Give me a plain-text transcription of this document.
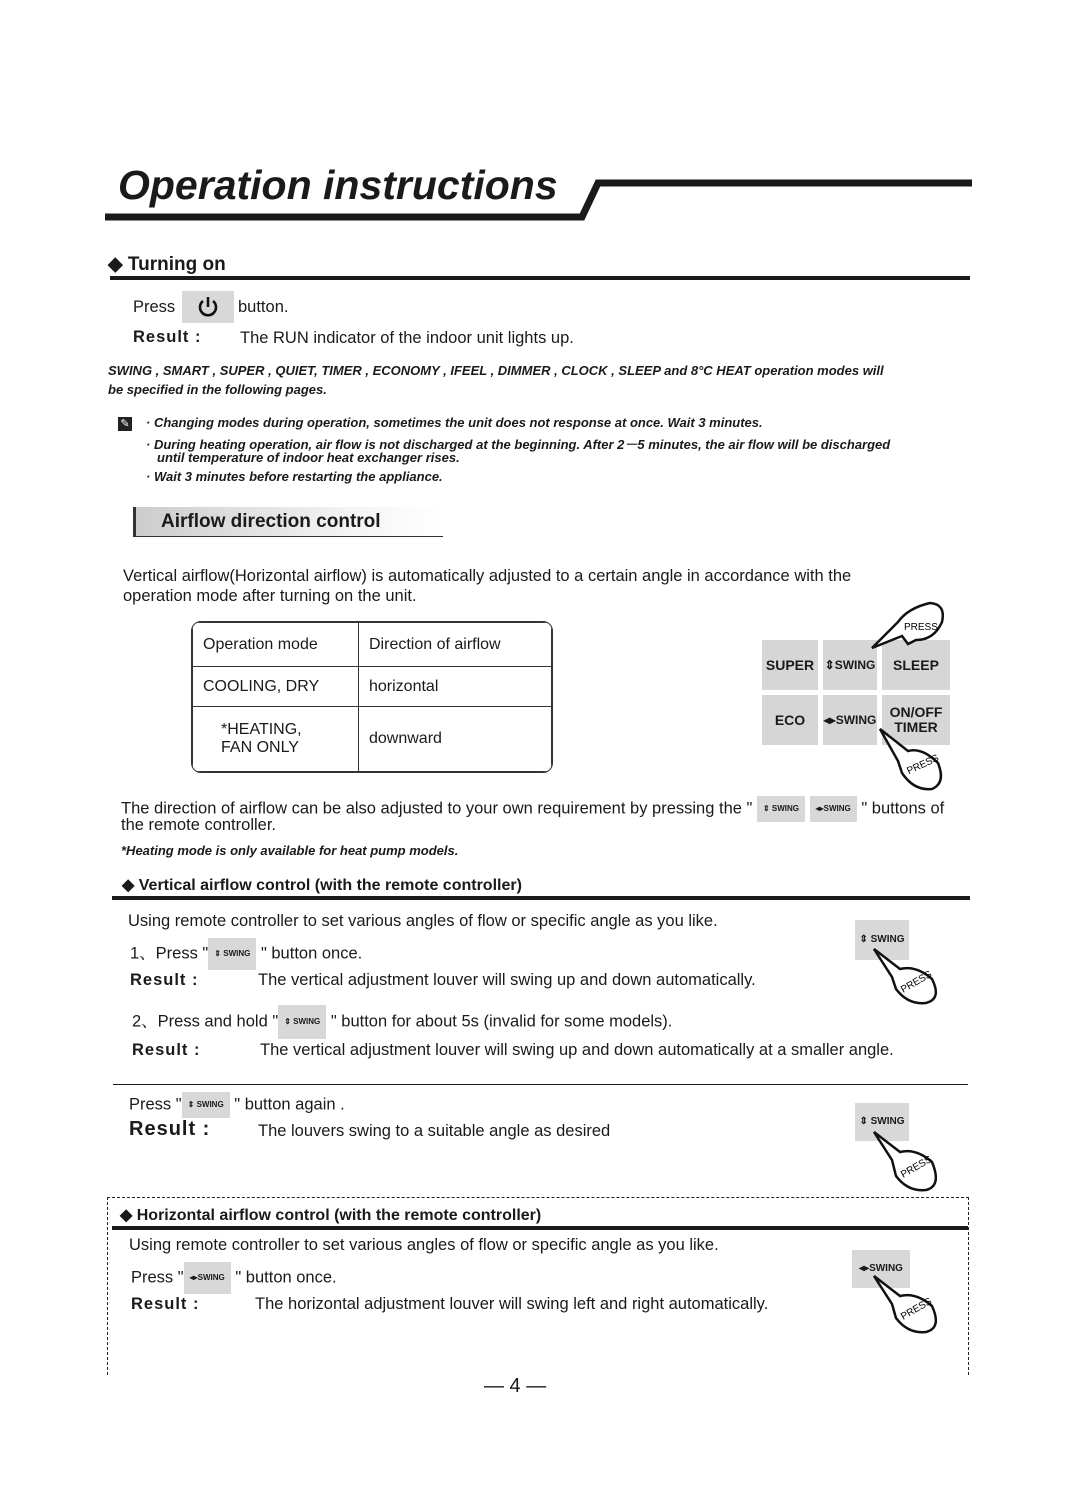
Operation instructions
◆ Turning on
Press	button.
Result : The RUN indicator of the indoor unit lights up.
SWING , SMART , SUPER , QUIET, TIMER , ECONOMY , IFEEL , DIMMER , CLOCK , SLEEP and 8°C HEAT operation modes will
be specified in the following pages.
✎ · Changing modes during operation, sometimes the unit does not response at once. Wait 3 minutes.
· During heating operation, air flow is not discharged at the beginning. After 2－5 minutes, the air flow will be discharged
until temperature of indoor heat exchanger rises.
· Wait 3 minutes before restarting the appliance.
Airflow direction control
Vertical airflow(Horizontal airflow) is automatically adjusted to a certain angle in accordance with the
operation mode after turning on the unit.
Operation mode	Direction of airflow
COOLING, DRY	horizontal
*HEATING,
FAN ONLY	downward
SUPER ⇕ SWING	SLEEP
ECO	◂▸ SWING ON/OFF TIMER
PRESS
PRESS
The direction of airflow can be also adjusted to your own requirement by pressing the " ⇕ SWING ◂▸SWING " buttons of
the remote controller.
*Heating mode is only available for heat pump models.
◆ Vertical airflow control (with the remote controller)
Using remote controller to set various angles of flow or specific angle as you like.
1、Press " ⇕ SWING " button once.
Result :	The vertical adjustment louver will swing up and down automatically.
2、Press and hold " ⇕ SWING " button for about 5s (invalid for some models).
Result :	The vertical adjustment louver will swing up and down automatically at a smaller angle.
⇕ SWING
PRESS
Press " ⇕ SWING " button again .
Result :	The louvers swing to a suitable angle as desired
⇕ SWING
PRESS
◆ Horizontal airflow control (with the remote controller)
Using remote controller to set various angles of flow or specific angle as you like.
Press " ◂▸SWING " button once.
Result :	The horizontal adjustment louver will swing left and right automatically.
◂▸SWING
PRESS
— 4 —
